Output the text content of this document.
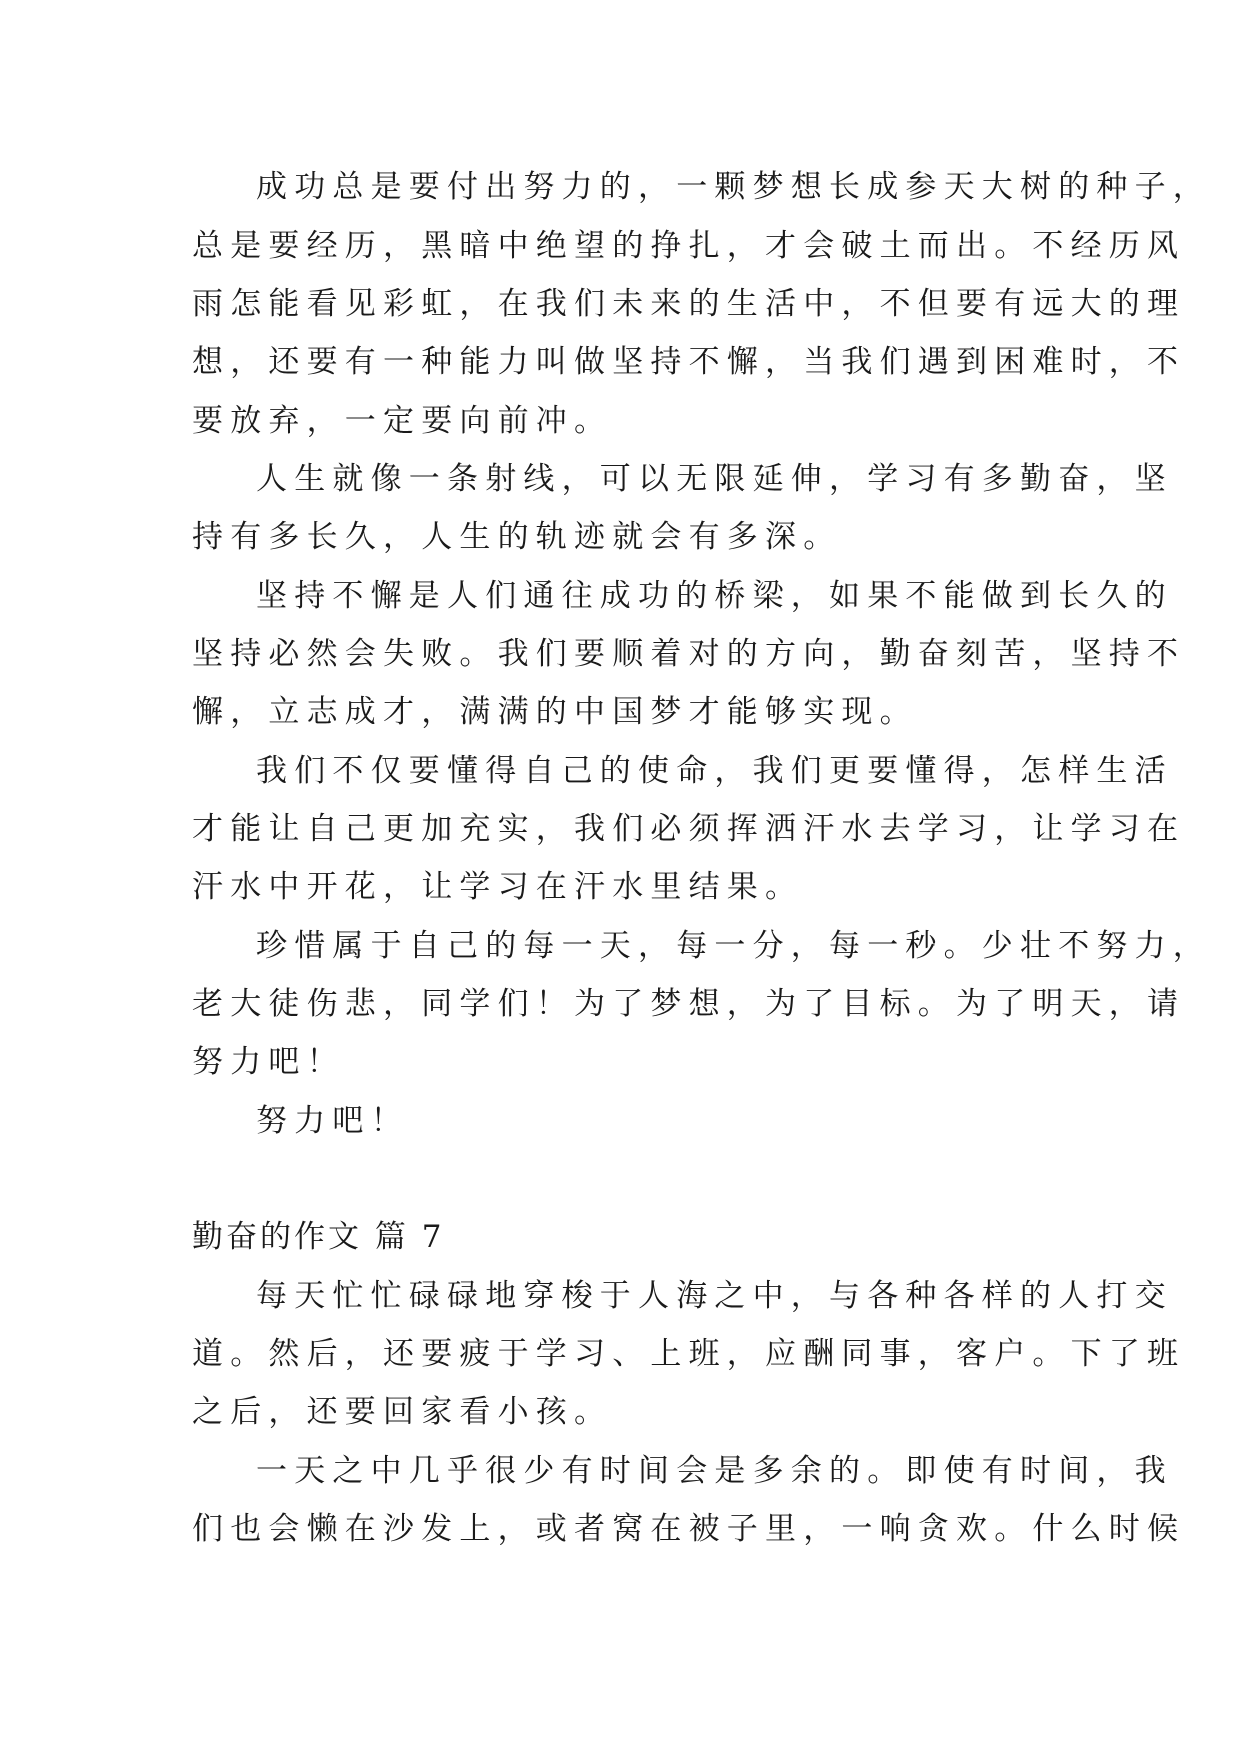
成功总是要付出努力的，一颗梦想长成参天大树的种子，
总是要经历，黑暗中绝望的挣扎，才会破土而出。不经历风
雨怎能看见彩虹，在我们未来的生活中，不但要有远大的理
想，还要有一种能力叫做坚持不懈，当我们遇到困难时，不
要放弃，一定要向前冲。
人生就像一条射线，可以无限延伸，学习有多勤奋，坚
持有多长久，人生的轨迹就会有多深。
坚持不懈是人们通往成功的桥梁，如果不能做到长久的
坚持必然会失败。我们要顺着对的方向，勤奋刻苦，坚持不
懈，立志成才，满满的中国梦才能够实现。
我们不仅要懂得自己的使命，我们更要懂得，怎样生活
才能让自己更加充实，我们必须挥洒汗水去学习，让学习在
汗水中开花，让学习在汗水里结果。
珍惜属于自己的每一天，每一分，每一秒。少壮不努力，
老大徒伤悲，同学们！为了梦想，为了目标。为了明天，请
努力吧！
努力吧！
勤奋的作文 篇 7
每天忙忙碌碌地穿梭于人海之中，与各种各样的人打交
道。然后，还要疲于学习、上班，应酬同事，客户。下了班
之后，还要回家看小孩。
一天之中几乎很少有时间会是多余的。即使有时间，我
们也会懒在沙发上，或者窝在被子里，一响贪欢。什么时候
